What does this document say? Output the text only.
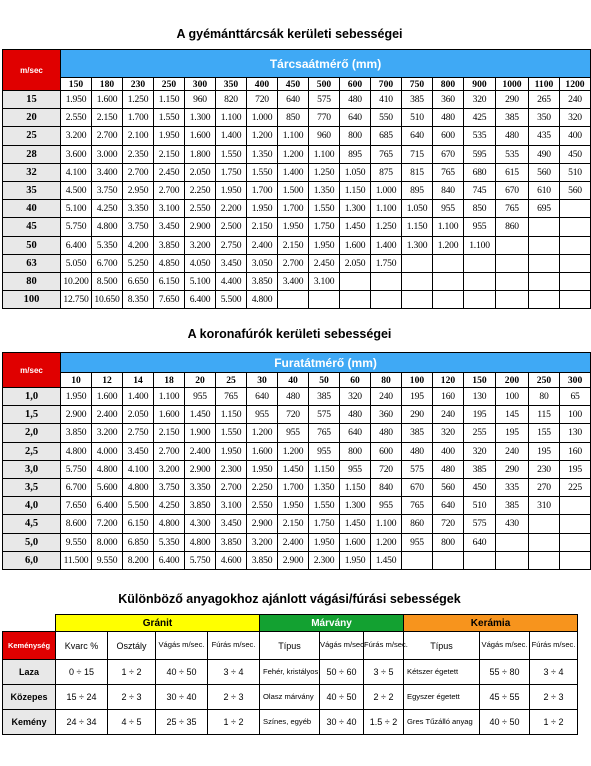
A gyémánttárcsák kerületi sebességei
m/sec	Tárcsaátmérő (mm)																
	150	180	230	250	300	350	400	450	500	600	700	750	800	900	1000	1100	1200
15	1.950	1.600	1.250	1.150	960	820	720	640	575	480	410	385	360	320	290	265	240
20	2.550	2.150	1.700	1.550	1.300	1.100	1.000	850	770	640	550	510	480	425	385	350	320
25	3.200	2.700	2.100	1.950	1.600	1.400	1.200	1.100	960	800	685	640	600	535	480	435	400
28	3.600	3.000	2.350	2.150	1.800	1.550	1.350	1.200	1.100	895	765	715	670	595	535	490	450
32	4.100	3.400	2.700	2.450	2.050	1.750	1.550	1.400	1.250	1.050	875	815	765	680	615	560	510
35	4.500	3.750	2.950	2.700	2.250	1.950	1.700	1.500	1.350	1.150	1.000	895	840	745	670	610	560
40	5.100	4.250	3.350	3.100	2.550	2.200	1.950	1.700	1.550	1.300	1.100	1.050	955	850	765	695	
45	5.750	4.800	3.750	3.450	2.900	2.500	2.150	1.950	1.750	1.450	1.250	1.150	1.100	955	860		
50	6.400	5.350	4.200	3.850	3.200	2.750	2.400	2.150	1.950	1.600	1.400	1.300	1.200	1.100			
63	5.050	6.700	5.250	4.850	4.050	3.450	3.050	2.700	2.450	2.050	1.750						
80	10.200	8.500	6.650	6.150	5.100	4.400	3.850	3.400	3.100								
100	12.750	10.650	8.350	7.650	6.400	5.500	4.800										
A koronafúrók kerületi sebességei
m/sec	Furatátmérő (mm)																
	10	12	14	18	20	25	30	40	50	60	80	100	120	150	200	250	300
1,0	1.950	1.600	1.400	1.100	955	765	640	480	385	320	240	195	160	130	100	80	65
1,5	2.900	2.400	2.050	1.600	1.450	1.150	955	720	575	480	360	290	240	195	145	115	100
2,0	3.850	3.200	2.750	2.150	1.900	1.550	1.200	955	765	640	480	385	320	255	195	155	130
2,5	4.800	4.000	3.450	2.700	2.400	1.950	1.600	1.200	955	800	600	480	400	320	240	195	160
3,0	5.750	4.800	4.100	3.200	2.900	2.300	1.950	1.450	1.150	955	720	575	480	385	290	230	195
3,5	6.700	5.600	4.800	3.750	3.350	2.700	2.250	1.700	1.350	1.150	840	670	560	450	335	270	225
4,0	7.650	6.400	5.500	4.250	3.850	3.100	2.550	1.950	1.550	1.300	955	765	640	510	385	310	
4,5	8.600	7.200	6.150	4.800	4.300	3.450	2.900	2.150	1.750	1.450	1.100	860	720	575	430		
5,0	9.550	8.000	6.850	5.350	4.800	3.850	3.200	2.400	1.950	1.600	1.200	955	800	640			
6,0	11.500	9.550	8.200	6.400	5.750	4.600	3.850	2.900	2.300	1.950	1.450						
Különböző anyagokhoz ajánlott vágási/fúrási sebességek
	Gránit				Márvány			Kerámia		
Keménység	Kvarc %	Osztály	Vágás m/sec.	Fúrás m/sec.	Típus	Vágás m/sec.	Fúrás m/sec.	Típus	Vágás m/sec.	Fúrás m/sec.
Laza	0 ÷ 15	1 ÷ 2	40 ÷ 50	3 ÷ 4	Fehér, kristályos	50 ÷ 60	3 ÷ 5	Kétszer égetett	55 ÷ 80	3 ÷ 4
Közepes	15 ÷ 24	2 ÷ 3	30 ÷ 40	2 ÷ 3	Olasz márvány	40 ÷ 50	2 ÷ 2	Egyszer égetett	45 ÷ 55	2 ÷ 3
Kemény	24 ÷ 34	4 ÷ 5	25 ÷ 35	1 ÷ 2	Színes, egyéb	30 ÷ 40	1.5 ÷ 2	Gres Tűzálló anyag	40 ÷ 50	1 ÷ 2
